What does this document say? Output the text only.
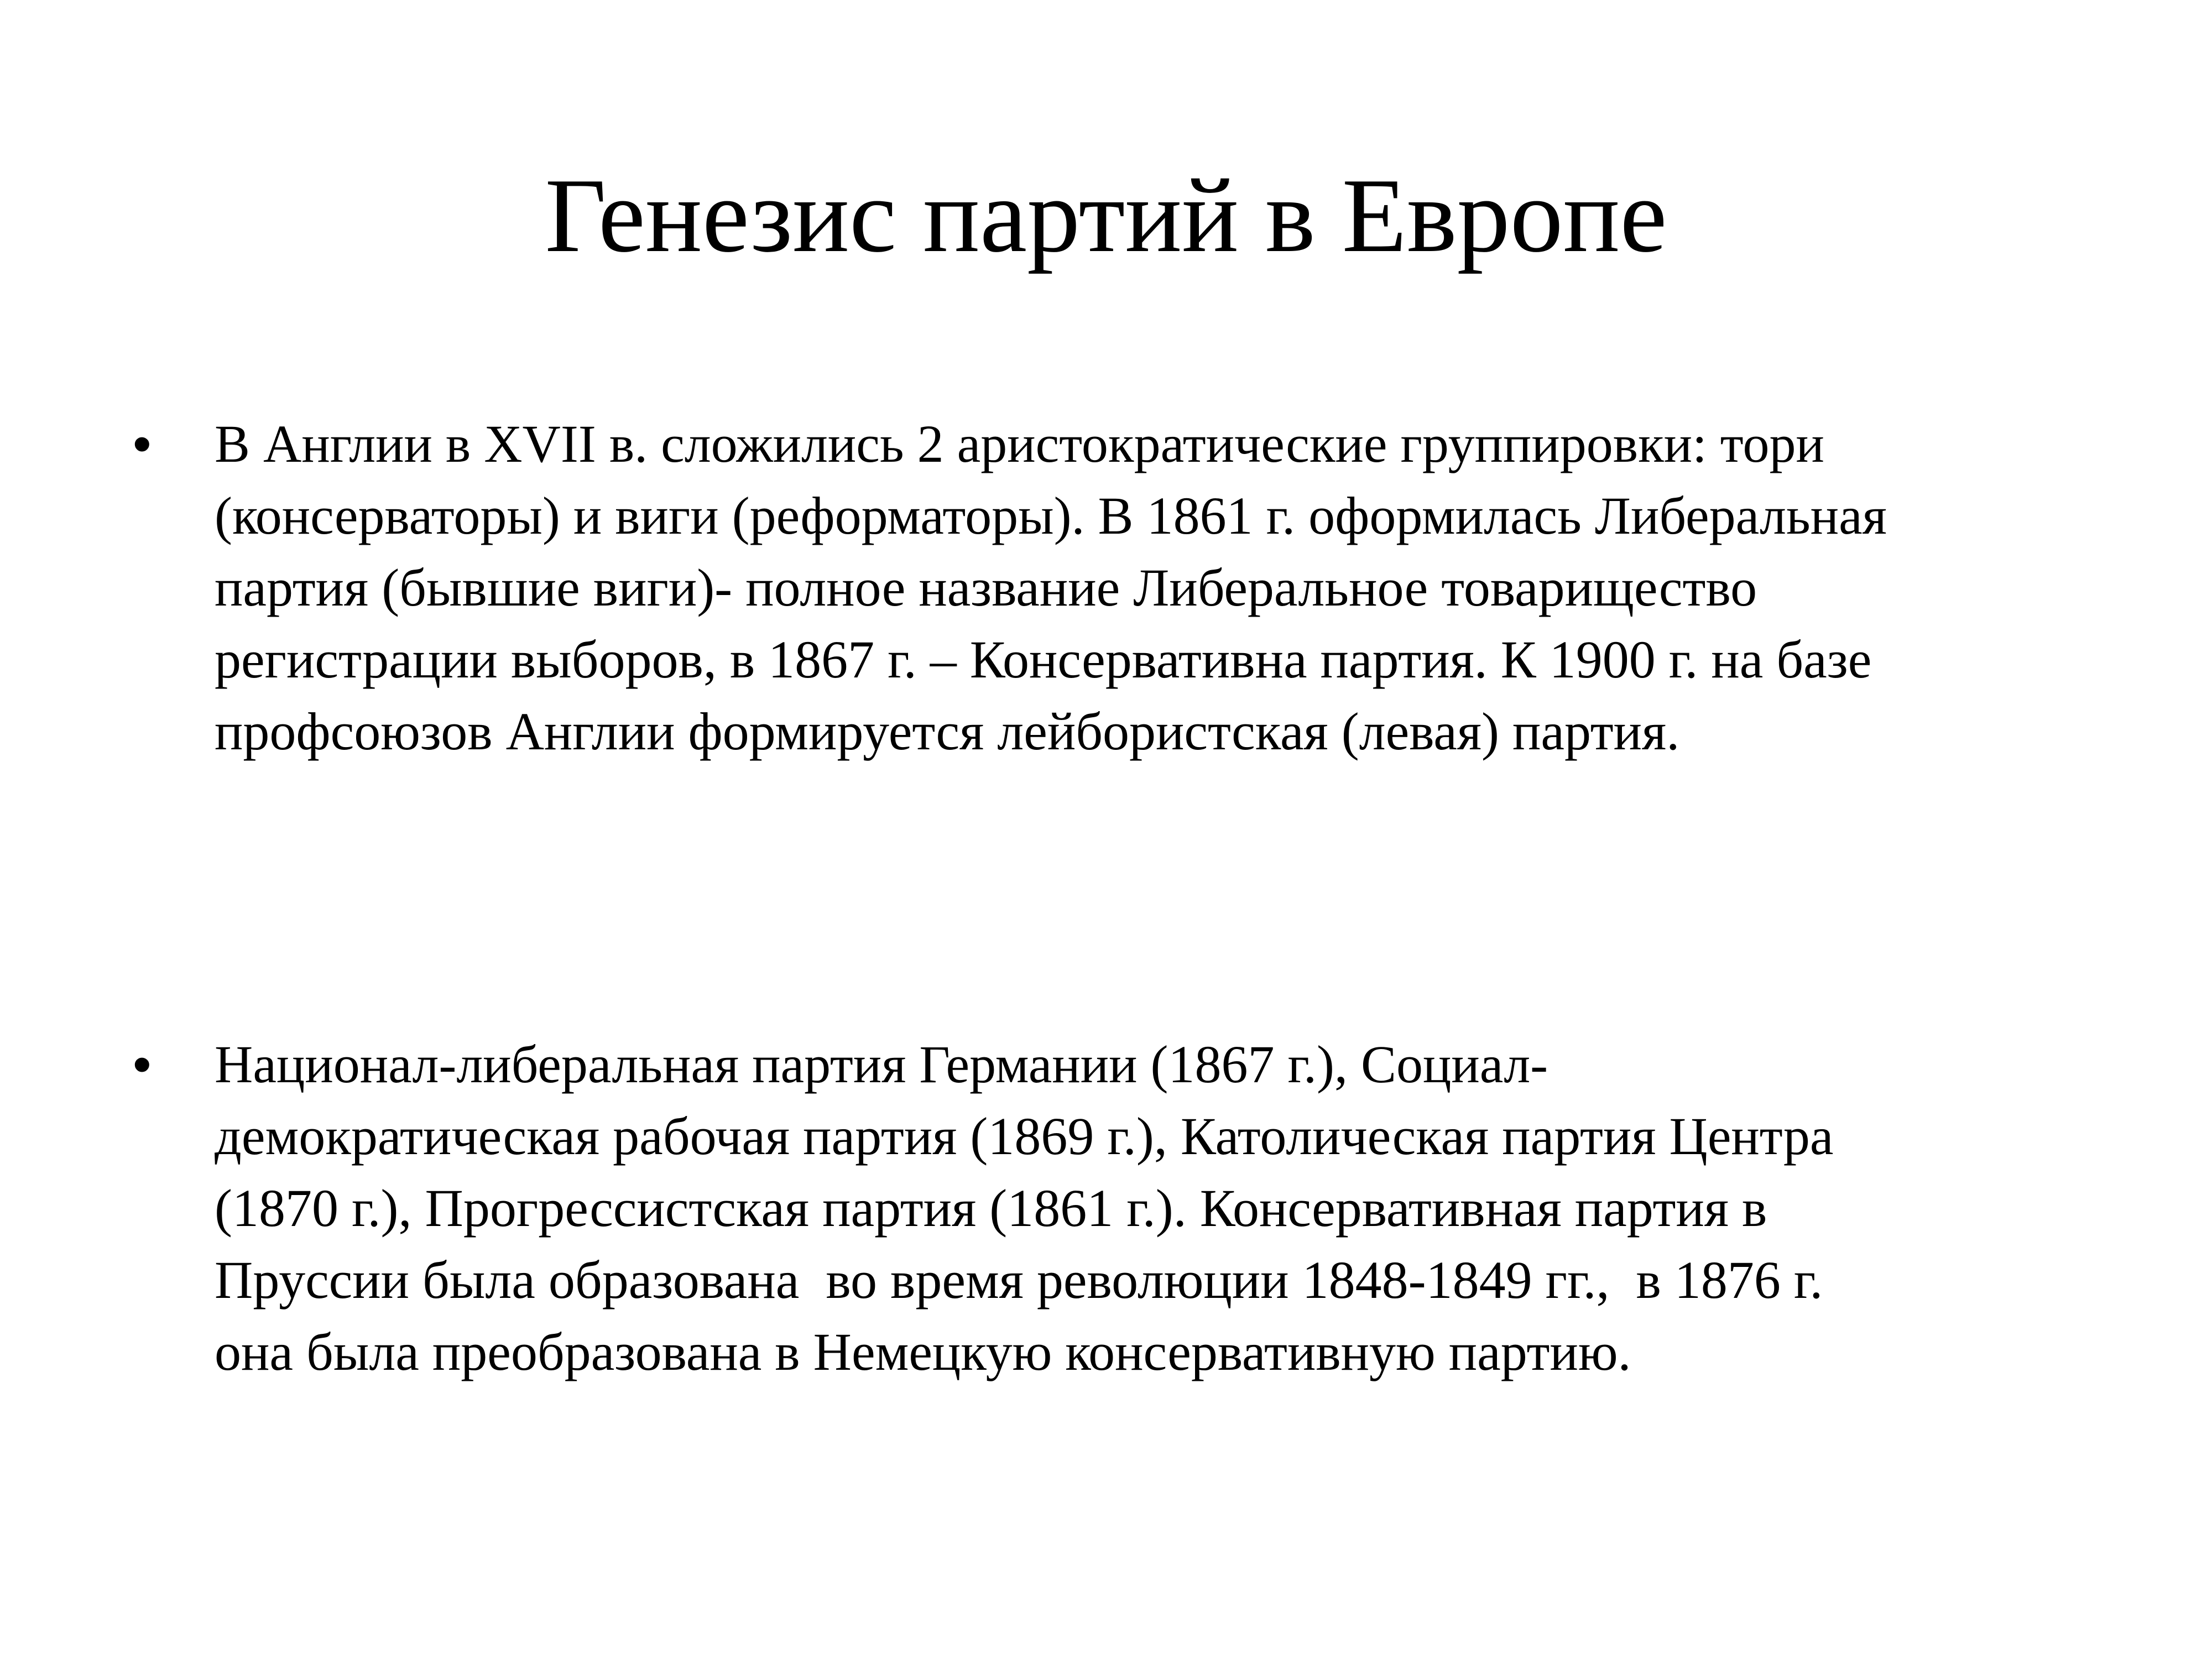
Генезис партий в Европе
• В Англии в XVII в. сложились 2 аристократические группировки: тори
(консерваторы) и виги (реформаторы). В 1861 г. оформилась Либеральная
партия (бывшие виги)- полное название Либеральное товарищество
регистрации выборов, в 1867 г. – Консервативна партия. К 1900 г. на базе
профсоюзов Англии формируется лейбористская (левая) партия.
• Национал-либеральная партия Германии (1867 г.), Социал-
демократическая рабочая партия (1869 г.), Католическая партия Центра
(1870 г.), Прогрессистская партия (1861 г.). Консервативная партия в
Пруссии была образована  во время революции 1848-1849 гг.,  в 1876 г.
она была преобразована в Немецкую консервативную партию.
